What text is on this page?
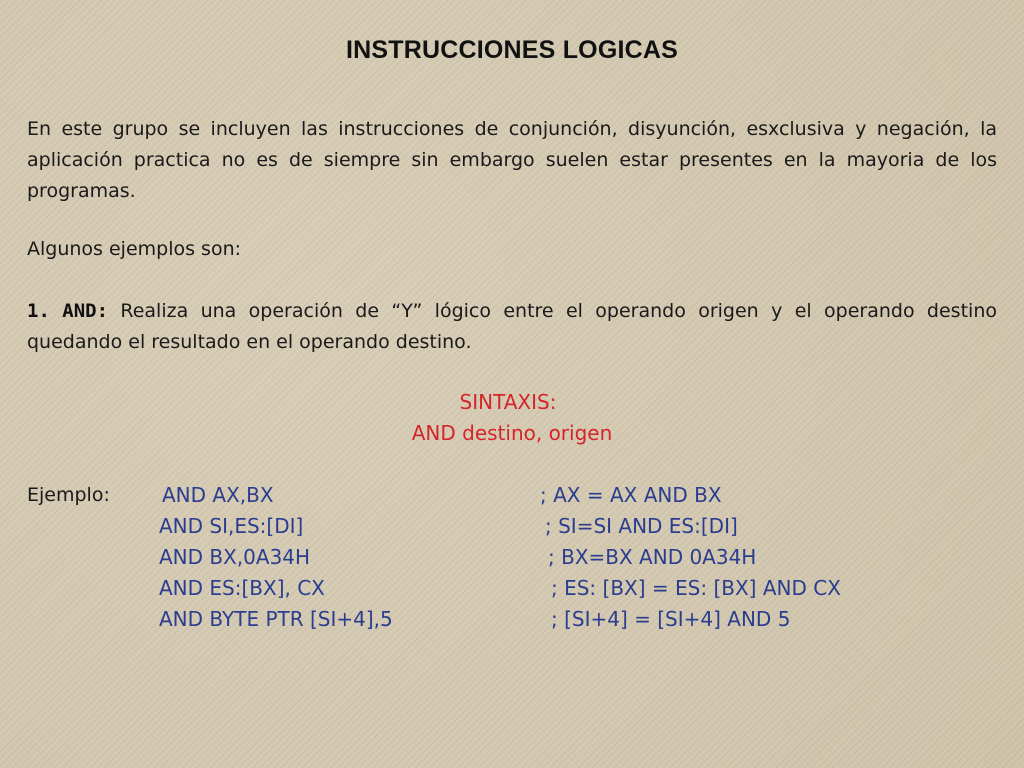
INSTRUCCIONES LOGICAS

En este grupo se incluyen las instrucciones de conjunción, disyunción, esxclusiva y negación, la aplicación practica no es de siempre sin embargo suelen estar presentes en la mayoria de los programas.

Algunos ejemplos son:

1. AND: Realiza una operación de “Y” lógico entre el operando origen y el operando destino quedando el resultado en el operando destino.

SINTAXIS:
AND destino, origen
Ejemplo:	AND AX,BX	; AX = AX AND BX
AND SI,ES:[DI]	; SI=SI AND ES:[DI]
AND BX,0A34H	; BX=BX AND 0A34H
AND ES:[BX], CX	; ES: [BX] = ES: [BX] AND CX
AND BYTE PTR [SI+4],5	; [SI+4] = [SI+4] AND 5
